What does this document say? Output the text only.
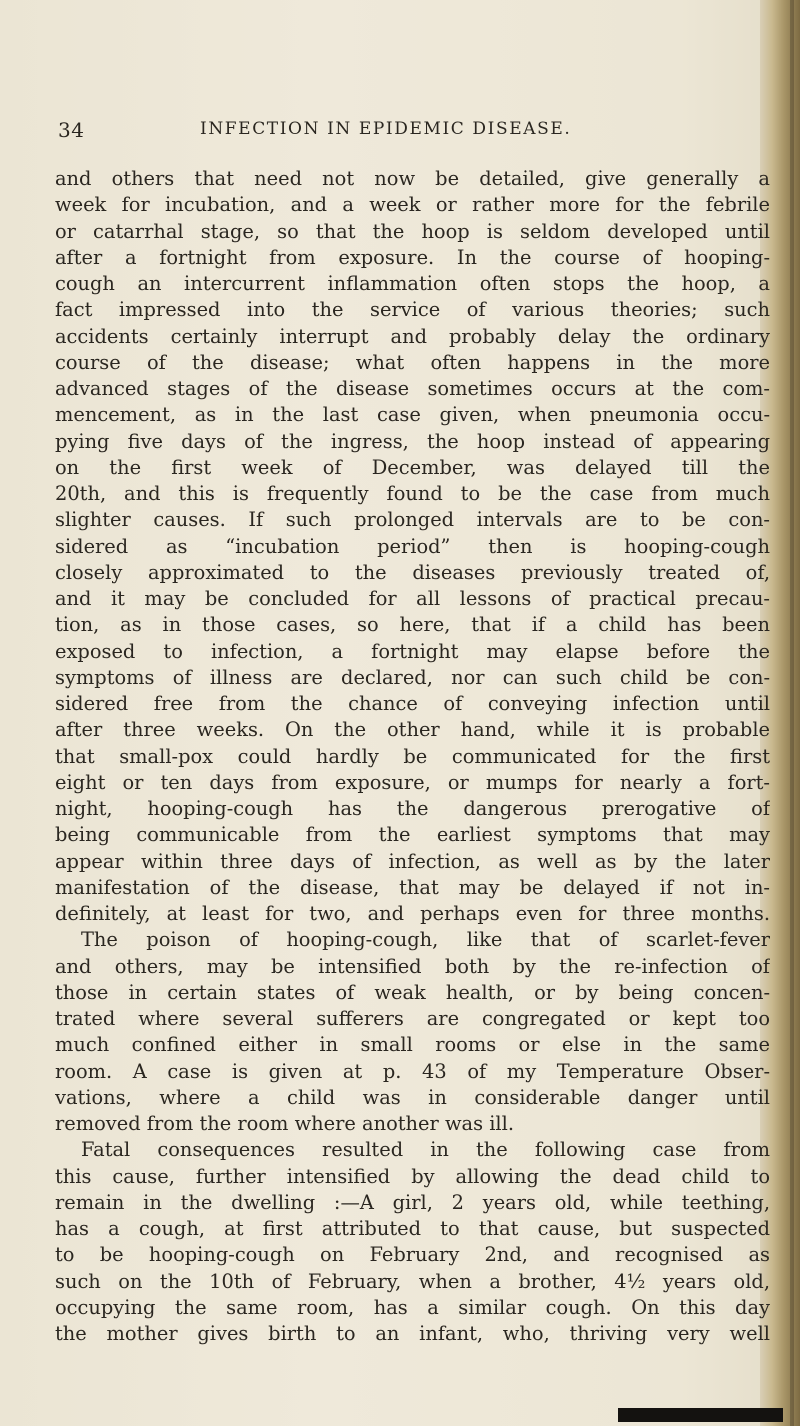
34	INFECTION IN EPIDEMIC DISEASE.
and others that need not now be detailed, give generally a
week for incubation, and a week or rather more for the febrile
or catarrhal stage, so that the hoop is seldom developed until
after a fortnight from exposure. In the course of hooping-
cough an intercurrent inflammation often stops the hoop, a
fact impressed into the service of various theories; such
accidents certainly interrupt and probably delay the ordinary
course of the disease; what often happens in the more
advanced stages of the disease sometimes occurs at the com-
mencement, as in the last case given, when pneumonia occu-
pying five days of the ingress, the hoop instead of appearing
on the first week of December, was delayed till the
20th, and this is frequently found to be the case from much
slighter causes. If such prolonged intervals are to be con-
sidered as “incubation period” then is hooping-cough
closely approximated to the diseases previously treated of,
and it may be concluded for all lessons of practical precau-
tion, as in those cases, so here, that if a child has been
exposed to infection, a fortnight may elapse before the
symptoms of illness are declared, nor can such child be con-
sidered free from the chance of conveying infection until
after three weeks. On the other hand, while it is probable
that small-pox could hardly be communicated for the first
eight or ten days from exposure, or mumps for nearly a fort-
night, hooping-cough has the dangerous prerogative of
being communicable from the earliest symptoms that may
appear within three days of infection, as well as by the later
manifestation of the disease, that may be delayed if not in-
definitely, at least for two, and perhaps even for three months.
The poison of hooping-cough, like that of scarlet-fever
and others, may be intensified both by the re-infection of
those in certain states of weak health, or by being concen-
trated where several sufferers are congregated or kept too
much confined either in small rooms or else in the same
room. A case is given at p. 43 of my Temperature Obser-
vations, where a child was in considerable danger until
removed from the room where another was ill.
Fatal consequences resulted in the following case from
this cause, further intensified by allowing the dead child to
remain in the dwelling :—A girl, 2 years old, while teething,
has a cough, at first attributed to that cause, but suspected
to be hooping-cough on February 2nd, and recognised as
such on the 10th of February, when a brother, 4½ years old,
occupying the same room, has a similar cough. On this day
the mother gives birth to an infant, who, thriving very well
